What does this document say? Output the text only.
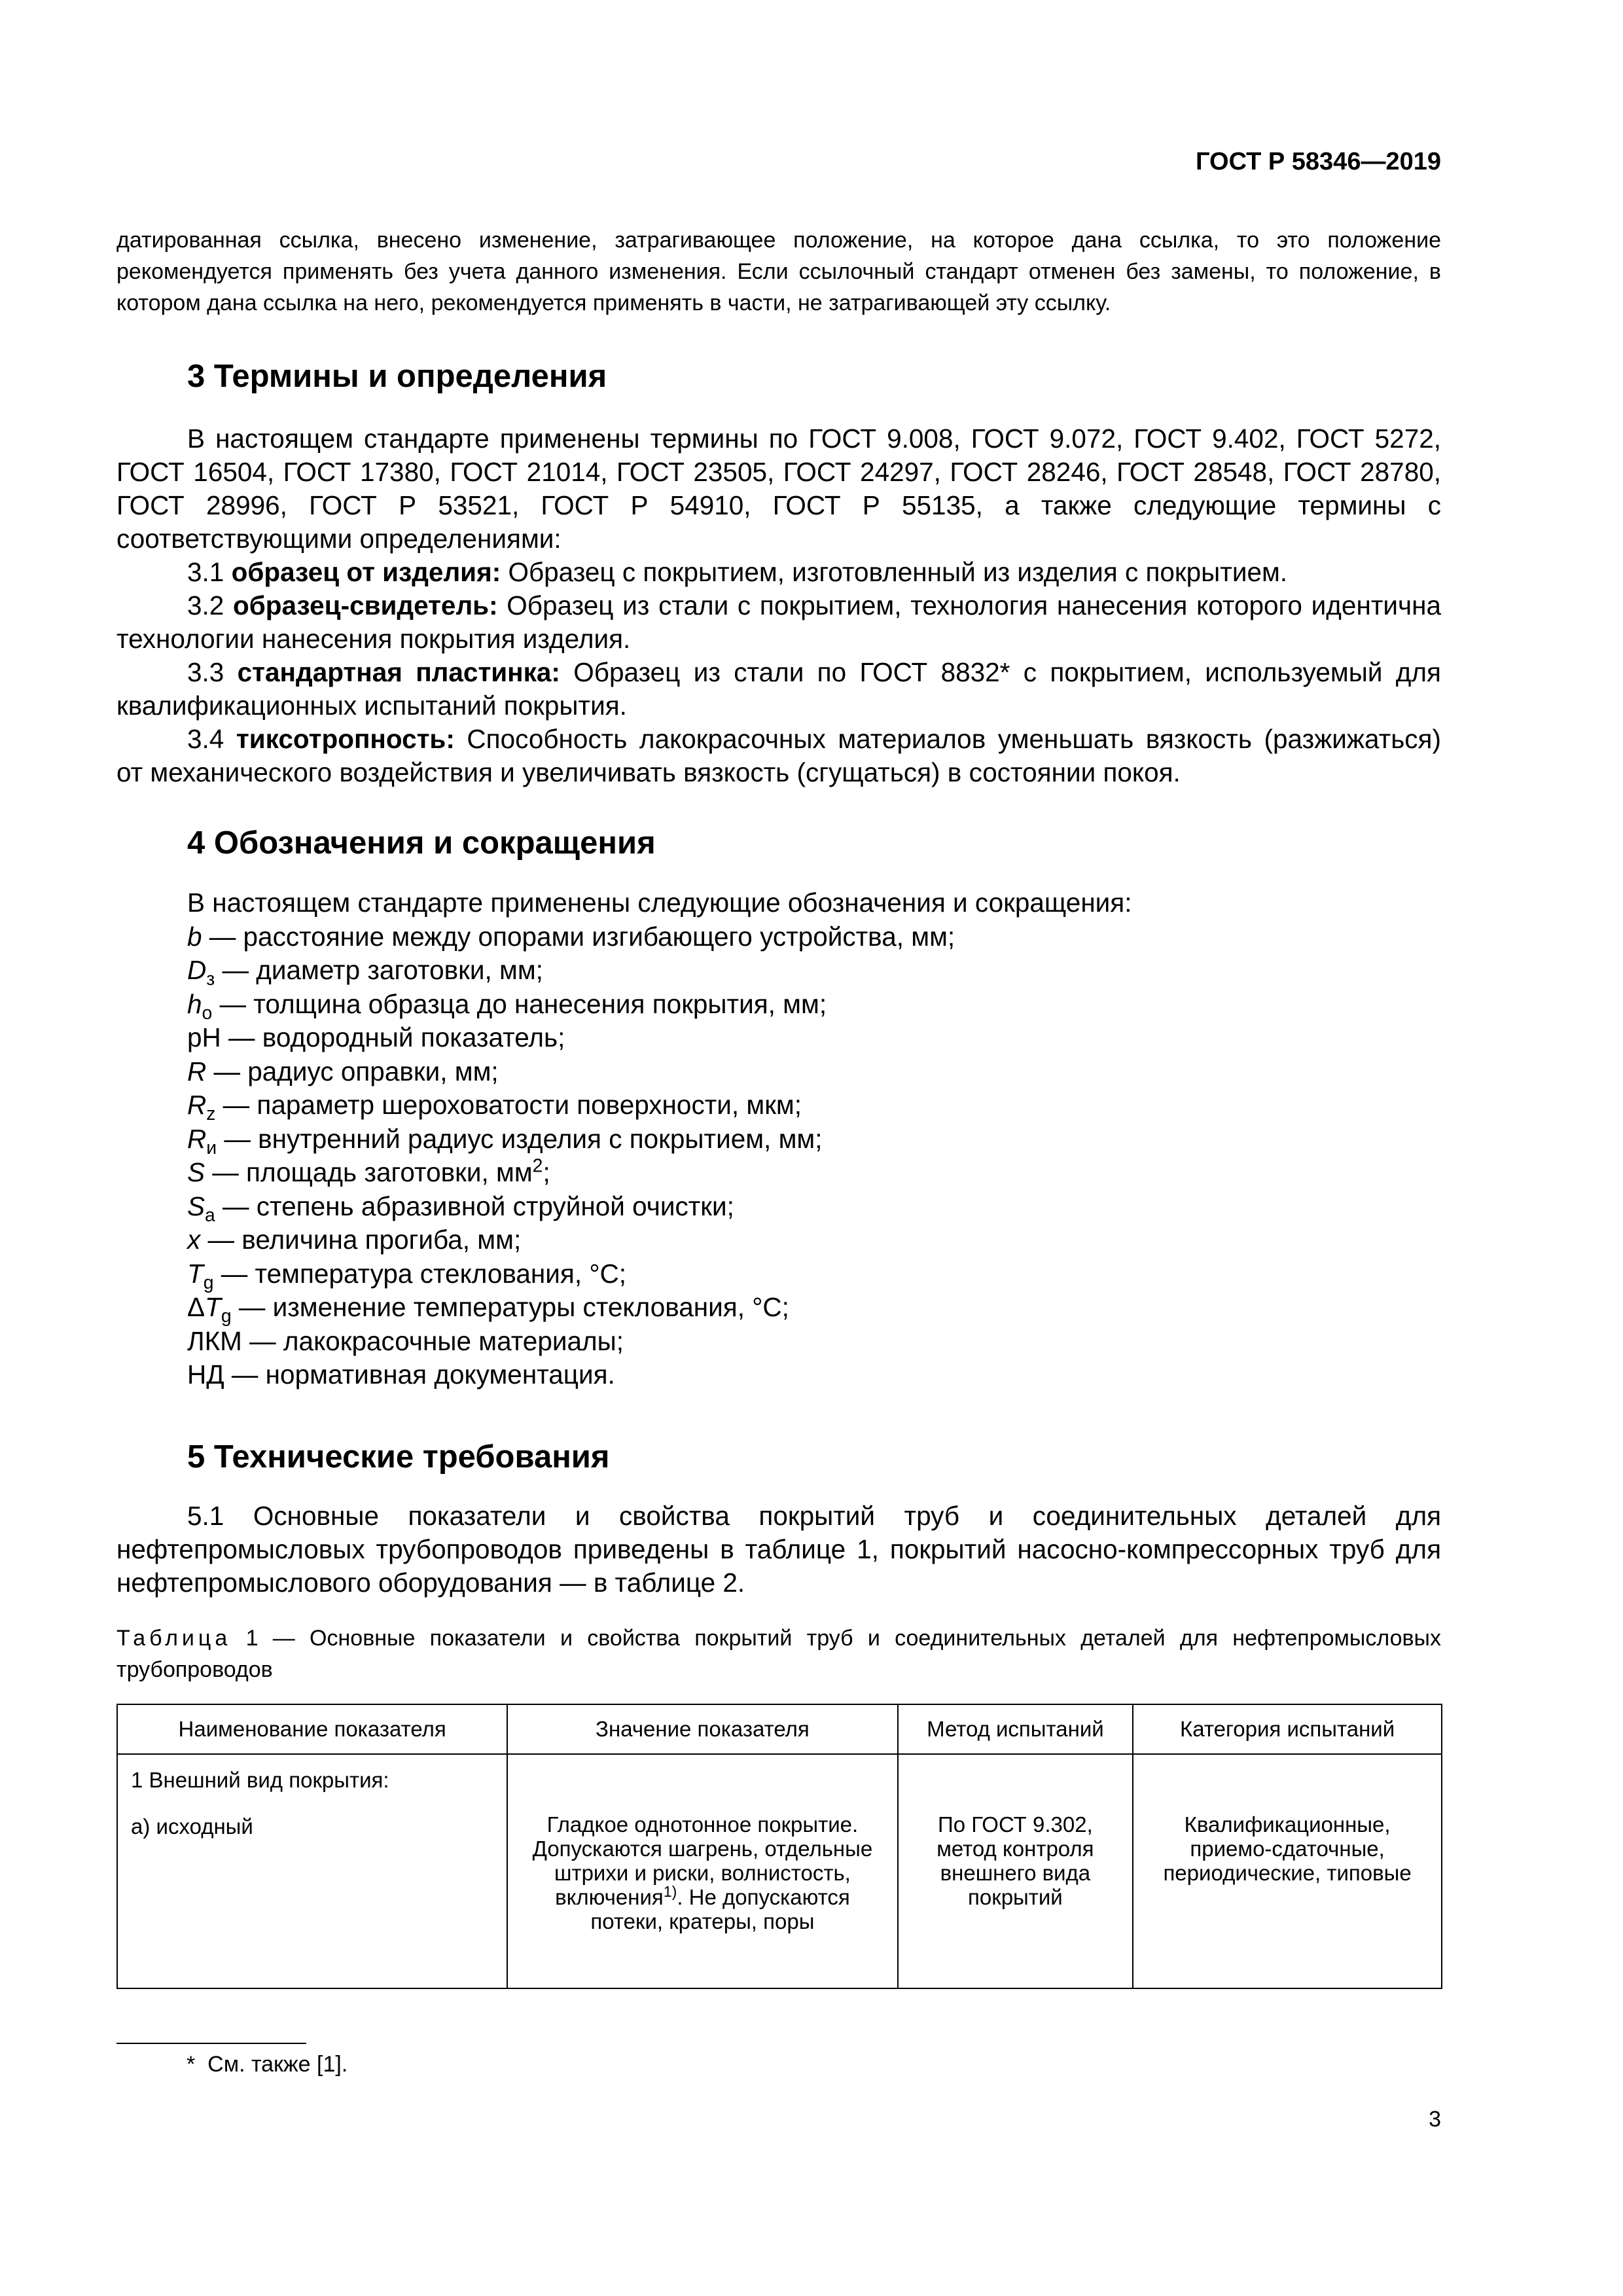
ГОСТ Р 58346—2019

датированная ссылка, внесено изменение, затрагивающее положение, на которое дана ссылка, то это положение рекомендуется применять без учета данного изменения. Если ссылочный стандарт отменен без замены, то положение, в котором дана ссылка на него, рекомендуется применять в части, не затрагивающей эту ссылку.

3 Термины и определения

В настоящем стандарте применены термины по ГОСТ 9.008, ГОСТ 9.072, ГОСТ 9.402, ГОСТ 5272, ГОСТ 16504, ГОСТ 17380, ГОСТ 21014, ГОСТ 23505, ГОСТ 24297, ГОСТ 28246, ГОСТ 28548, ГОСТ 28780, ГОСТ 28996, ГОСТ Р 53521, ГОСТ Р 54910, ГОСТ Р 55135, а также следующие термины с соответствующими определениями:

3.1 образец от изделия: Образец с покрытием, изготовленный из изделия с покрытием.

3.2 образец-свидетель: Образец из стали с покрытием, технология нанесения которого идентична технологии нанесения покрытия изделия.

3.3 стандартная пластинка: Образец из стали по ГОСТ 8832* с покрытием, используемый для квалификационных испытаний покрытия.

3.4 тиксотропность: Способность лакокрасочных материалов уменьшать вязкость (разжижаться) от механического воздействия и увеличивать вязкость (сгущаться) в состоянии покоя.

4 Обозначения и сокращения

В настоящем стандарте применены следующие обозначения и сокращения:

b — расстояние между опорами изгибающего устройства, мм;

$D_з$ — диаметр заготовки, мм;

$h_о$ — толщина образца до нанесения покрытия, мм;

pH — водородный показатель;

R — радиус оправки, мм;

$R_z$ — параметр шероховатости поверхности, мкм;

$R_и$ — внутренний радиус изделия с покрытием, мм;

S — площадь заготовки, $мм^2$;

$S_a$ — степень абразивной струйной очистки;

x — величина прогиба, мм;

$T_g$ — температура стеклования, °С;

$\Delta T_g$ — изменение температуры стеклования, °С;

ЛКМ — лакокрасочные материалы;

НД — нормативная документация.

5 Технические требования

5.1 Основные показатели и свойства покрытий труб и соединительных деталей для нефтепромысловых трубопроводов приведены в таблице 1, покрытий насосно-компрессорных труб для нефтепромыслового оборудования — в таблице 2.

Таблица 1 — Основные показатели и свойства покрытий труб и соединительных деталей для нефтепромысловых трубопроводов

Наименование показателя	Значение показателя	Метод испытаний	Категория испытаний

1 Внешний вид покрытия:
а) исходный	Гладкое однотонное покрытие. Допускаются шагрень, отдельные штрихи и риски, волнистость, включения$^{1)}$. Не допускаются потеки, кратеры, поры	По ГОСТ 9.302, метод контроля внешнего вида покрытий	Квалификационные, приемо-сдаточные, периодические, типовые
* См. также [1].
3
